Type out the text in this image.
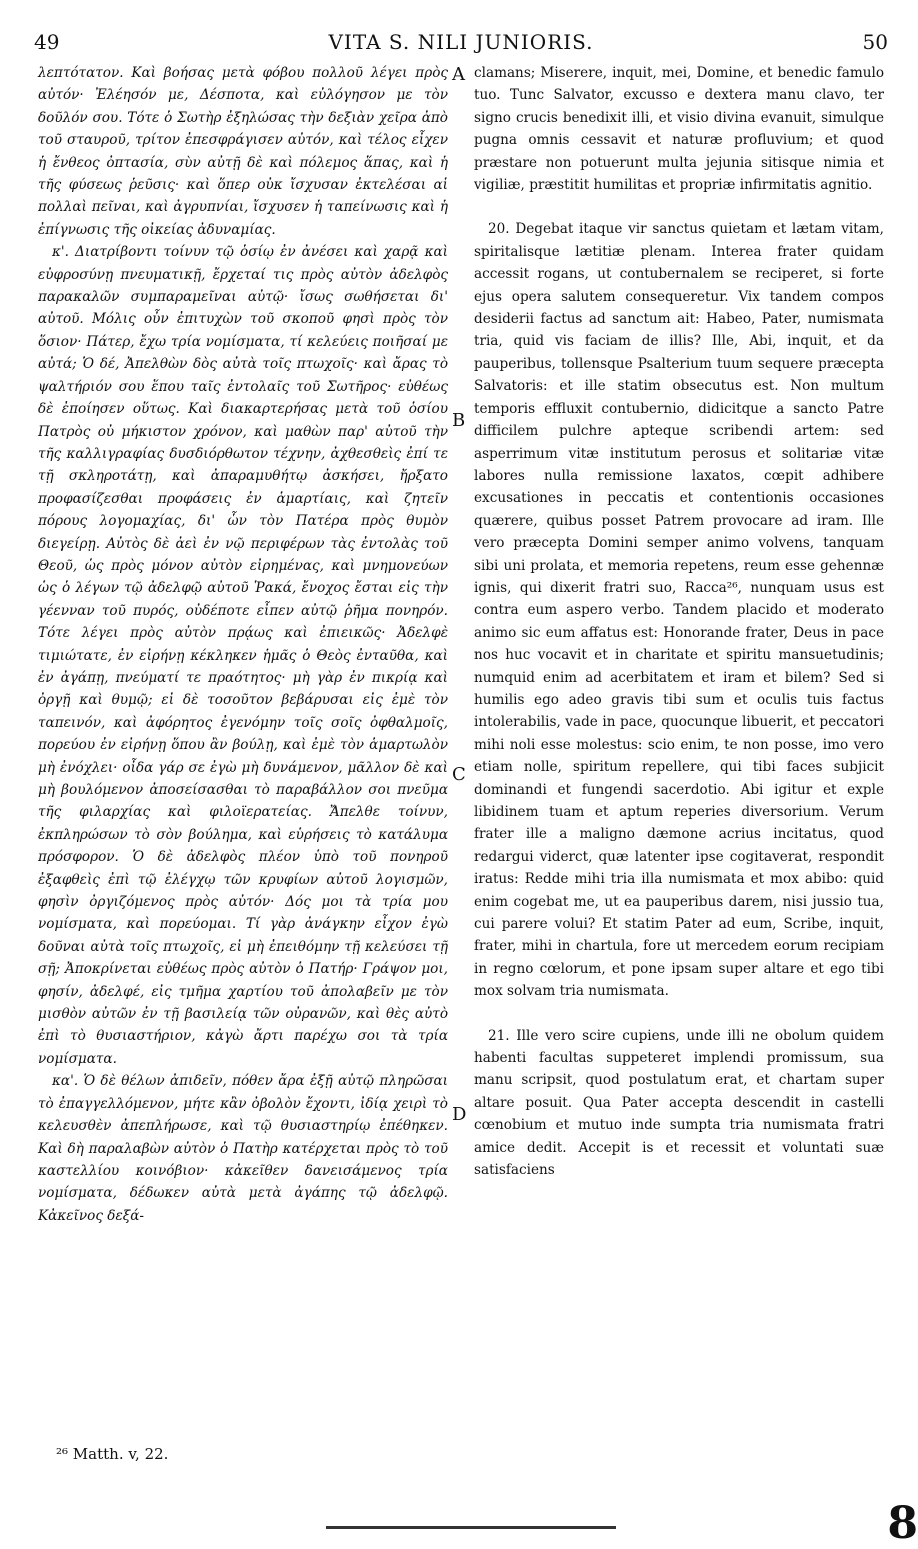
49	VITA S. NILI JUNIORIS.	50

λεπτότατον. Καὶ βοήσας μετὰ φόβου πολλοῦ λέγει πρὸς αὐτόν· Ἐλέησόν με, Δέσποτα, καὶ εὐλόγησον με τὸν δοῦλόν σου. Τότε ὁ Σωτὴρ ἐξηλώσας τὴν δεξιὰν χεῖρα ἀπὸ τοῦ σταυροῦ, τρίτον ἐπεσφράγισεν αὐτόν, καὶ τέλος εἶχεν ἡ ἔνθεος ὀπτασία, σὺν αὐτῇ δὲ καὶ πόλεμος ἅπας, καὶ ἡ τῆς φύσεως ῥεῦσις· καὶ ὅπερ οὐκ ἴσχυσαν ἐκτελέσαι αἱ πολλαὶ πεῖναι, καὶ ἀγρυπνίαι, ἴσχυσεν ἡ ταπείνωσις καὶ ἡ ἐπίγνωσις τῆς οἰκείας ἀδυναμίας.

κ'. Διατρίβοντι τοίνυν τῷ ὁσίῳ ἐν ἀνέσει καὶ χαρᾷ καὶ εὐφροσύνῃ πνευματικῇ, ἔρχεταί τις πρὸς αὐτὸν ἀδελφὸς παρακαλῶν συμπαραμεῖναι αὐτῷ· ἴσως σωθήσεται δι' αὐτοῦ. Μόλις οὖν ἐπιτυχὼν τοῦ σκοποῦ φησὶ πρὸς τὸν ὅσιον· Πάτερ, ἔχω τρία νομίσματα, τί κελεύεις ποιῆσαί με αὐτά; Ὁ δέ, Ἀπελθὼν δὸς αὐτὰ τοῖς πτωχοῖς· καὶ ἄρας τὸ ψαλτήριόν σου ἕπου ταῖς ἐντολαῖς τοῦ Σωτῆρος· εὐθέως δὲ ἐποίησεν οὕτως. Καὶ διακαρτερήσας μετὰ τοῦ ὁσίου Πατρὸς οὐ μήκιστον χρόνον, καὶ μαθὼν παρ' αὐτοῦ τὴν τῆς καλλιγραφίας δυσδιόρθωτον τέχνην, ἀχθεσθεὶς ἐπί τε τῇ σκληροτάτῃ, καὶ ἀπαραμυθήτῳ ἀσκήσει, ἤρξατο προφασίζεσθαι προφάσεις ἐν ἁμαρτίαις, καὶ ζητεῖν πόρους λογομαχίας, δι' ὧν τὸν Πατέρα πρὸς θυμὸν διεγείρῃ. Αὐτὸς δὲ ἀεὶ ἐν νῷ περιφέρων τὰς ἐντολὰς τοῦ Θεοῦ, ὡς πρὸς μόνον αὐτὸν εἰρημένας, καὶ μνημονεύων ὡς ὁ λέγων τῷ ἀδελφῷ αὐτοῦ Ῥακά, ἔνοχος ἔσται εἰς τὴν γέενναν τοῦ πυρός, οὐδέποτε εἶπεν αὐτῷ ῥῆμα πονηρόν. Τότε λέγει πρὸς αὐτὸν πρᾴως καὶ ἐπιεικῶς· Ἀδελφὲ τιμιώτατε, ἐν εἰρήνῃ κέκληκεν ἡμᾶς ὁ Θεὸς ἐνταῦθα, καὶ ἐν ἀγάπῃ, πνεύματί τε πραότητος· μὴ γὰρ ἐν πικρίᾳ καὶ ὀργῇ καὶ θυμῷ; εἰ δὲ τοσοῦτον βεβάρυσαι εἰς ἐμὲ τὸν ταπεινόν, καὶ ἀφόρητος ἐγενόμην τοῖς σοῖς ὀφθαλμοῖς, πορεύου ἐν εἰρήνῃ ὅπου ἂν βούλῃ, καὶ ἐμὲ τὸν ἁμαρτωλὸν μὴ ἐνόχλει· οἶδα γάρ σε ἐγὼ μὴ δυνάμενον, μᾶλλον δὲ καὶ μὴ βουλόμενον ἀποσείσασθαι τὸ παραβάλλον σοι πνεῦμα τῆς φιλαρχίας καὶ φιλοϊερατείας. Ἄπελθε τοίνυν, ἐκπληρώσων τὸ σὸν βούλημα, καὶ εὑρήσεις τὸ κατάλυμα πρόσφορον. Ὁ δὲ ἀδελφὸς πλέον ὑπὸ τοῦ πονηροῦ ἐξαφθεὶς ἐπὶ τῷ ἐλέγχῳ τῶν κρυφίων αὐτοῦ λογισμῶν, φησὶν ὀργιζόμενος πρὸς αὐτόν· Δός μοι τὰ τρία μου νομίσματα, καὶ πορεύομαι. Τί γὰρ ἀνάγκην εἶχον ἐγὼ δοῦναι αὐτὰ τοῖς πτωχοῖς, εἰ μὴ ἐπειθόμην τῇ κελεύσει τῇ σῇ; Ἀποκρίνεται εὐθέως πρὸς αὐτὸν ὁ Πατήρ· Γράψον μοι, φησίν, ἀδελφέ, εἰς τμῆμα χαρτίου τοῦ ἀπολαβεῖν με τὸν μισθὸν αὐτῶν ἐν τῇ βασιλείᾳ τῶν οὐρανῶν, καὶ θὲς αὐτὸ ἐπὶ τὸ θυσιαστήριον, κἀγὼ ἄρτι παρέχω σοι τὰ τρία νομίσματα.

κα'. Ὁ δὲ θέλων ἀπιδεῖν, πόθεν ἄρα ἐξῇ αὐτῷ πληρῶσαι τὸ ἐπαγγελλόμενον, μήτε κἂν ὀβολὸν ἔχοντι, ἰδίᾳ χειρὶ τὸ κελευσθὲν ἀπεπλήρωσε, καὶ τῷ θυσιαστηρίῳ ἐπέθηκεν. Καὶ δὴ παραλαβὼν αὐτὸν ὁ Πατὴρ κατέρχεται πρὸς τὸ τοῦ καστελλίου κοινόβιον· κἀκεῖθεν δανεισάμενος τρία νομίσματα, δέδωκεν αὐτὰ μετὰ ἀγάπης τῷ ἀδελφῷ. Κἀκεῖνος δεξά-

A
B
C
D

clamans; Miserere, inquit, mei, Domine, et benedic famulo tuo. Tunc Salvator, excusso e dextera manu clavo, ter signo crucis benedixit illi, et visio divina evanuit, simulque pugna omnis cessavit et naturæ profluvium; et quod præstare non potuerunt multa jejunia sitisque nimia et vigiliæ, præstitit humilitas et propriæ infirmitatis agnitio.

20. Degebat itaque vir sanctus quietam et lætam vitam, spiritalisque lætitiæ plenam. Interea frater quidam accessit rogans, ut contubernalem se reciperet, si forte ejus opera salutem consequeretur. Vix tandem compos desiderii factus ad sanctum ait: Habeo, Pater, numismata tria, quid vis faciam de illis? Ille, Abi, inquit, et da pauperibus, tollensque Psalterium tuum sequere præcepta Salvatoris: et ille statim obsecutus est. Non multum temporis effluxit contubernio, didicitque a sancto Patre difficilem pulchre apteque scribendi artem: sed asperrimum vitæ institutum perosus et solitariæ vitæ labores nulla remissione laxatos, cœpit adhibere excusationes in peccatis et contentionis occasiones quærere, quibus posset Patrem provocare ad iram. Ille vero præcepta Domini semper animo volvens, tanquam sibi uni prolata, et memoria repetens, reum esse gehennæ ignis, qui dixerit fratri suo, Racca²⁶, nunquam usus est contra eum aspero verbo. Tandem placido et moderato animo sic eum affatus est: Honorande frater, Deus in pace nos huc vocavit et in charitate et spiritu mansuetudinis; numquid enim ad acerbitatem et iram et bilem? Sed si humilis ego adeo gravis tibi sum et oculis tuis factus intolerabilis, vade in pace, quocunque libuerit, et peccatori mihi noli esse molestus: scio enim, te non posse, imo vero etiam nolle, spiritum repellere, qui tibi faces subjicit dominandi et fungendi sacerdotio. Abi igitur et exple libidinem tuam et aptum reperies diversorium. Verum frater ille a maligno dæmone acrius incitatus, quod redargui viderct, quæ latenter ipse cogitaverat, respondit iratus: Redde mihi tria illa numismata et mox abibo: quid enim cogebat me, ut ea pauperibus darem, nisi jussio tua, cui parere volui? Et statim Pater ad eum, Scribe, inquit, frater, mihi in chartula, fore ut mercedem eorum recipiam in regno cœlorum, et pone ipsam super altare et ego tibi mox solvam tria numismata.

21. Ille vero scire cupiens, unde illi ne obolum quidem habenti facultas suppeteret implendi promissum, sua manu scripsit, quod postulatum erat, et chartam super altare posuit. Qua Pater accepta descendit in castelli cœnobium et mutuo inde sumpta tria numismata fratri amice dedit. Accepit is et recessit et voluntati suæ satisfaciens

²⁶ Matth. v, 22.
8
